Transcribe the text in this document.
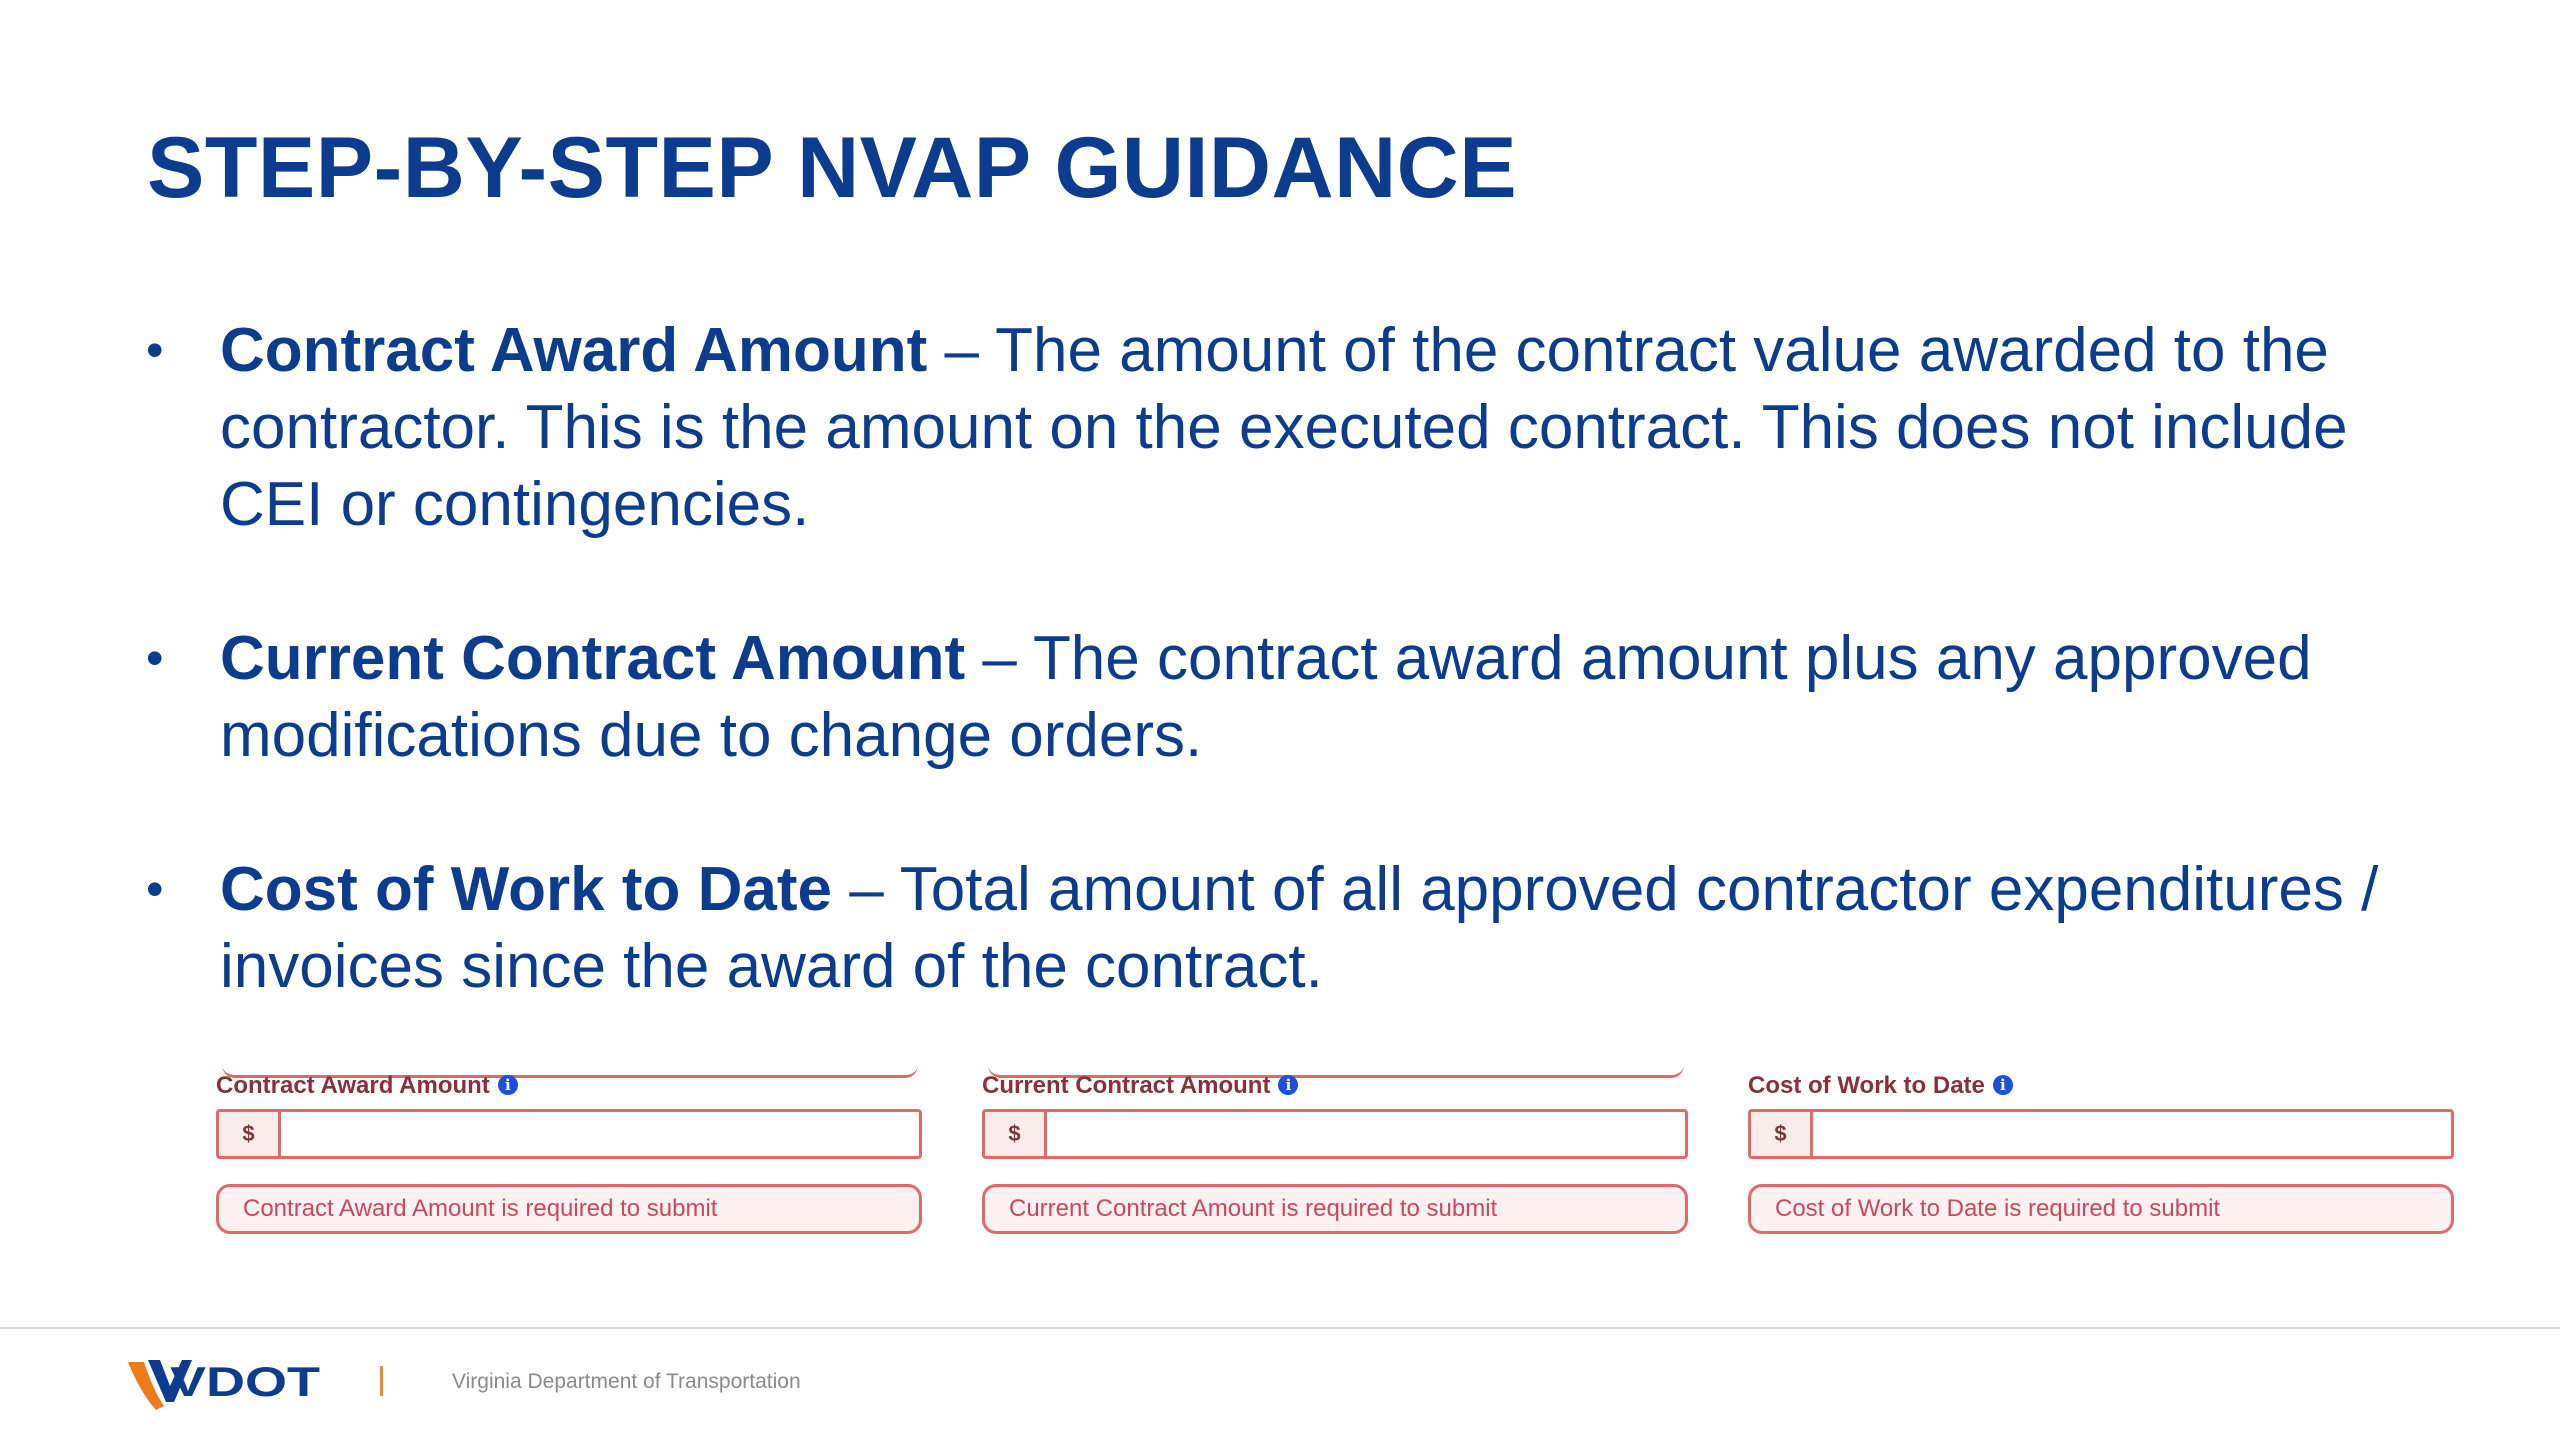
STEP-BY-STEP NVAP GUIDANCE
• Contract Award Amount – The amount of the contract value awarded to the contractor. This is the amount on the executed contract. This does not include CEI or contingencies.
• Current Contract Amount – The contract award amount plus any approved modifications due to change orders.
• Cost of Work to Date – Total amount of all approved contractor expenditures / invoices since the award of the contract.
Contract Award Amount i
$
Contract Award Amount is required to submit
Current Contract Amount i
$
Current Contract Amount is required to submit
Cost of Work to Date i
$
Cost of Work to Date is required to submit
VDOT	Virginia Department of Transportation
